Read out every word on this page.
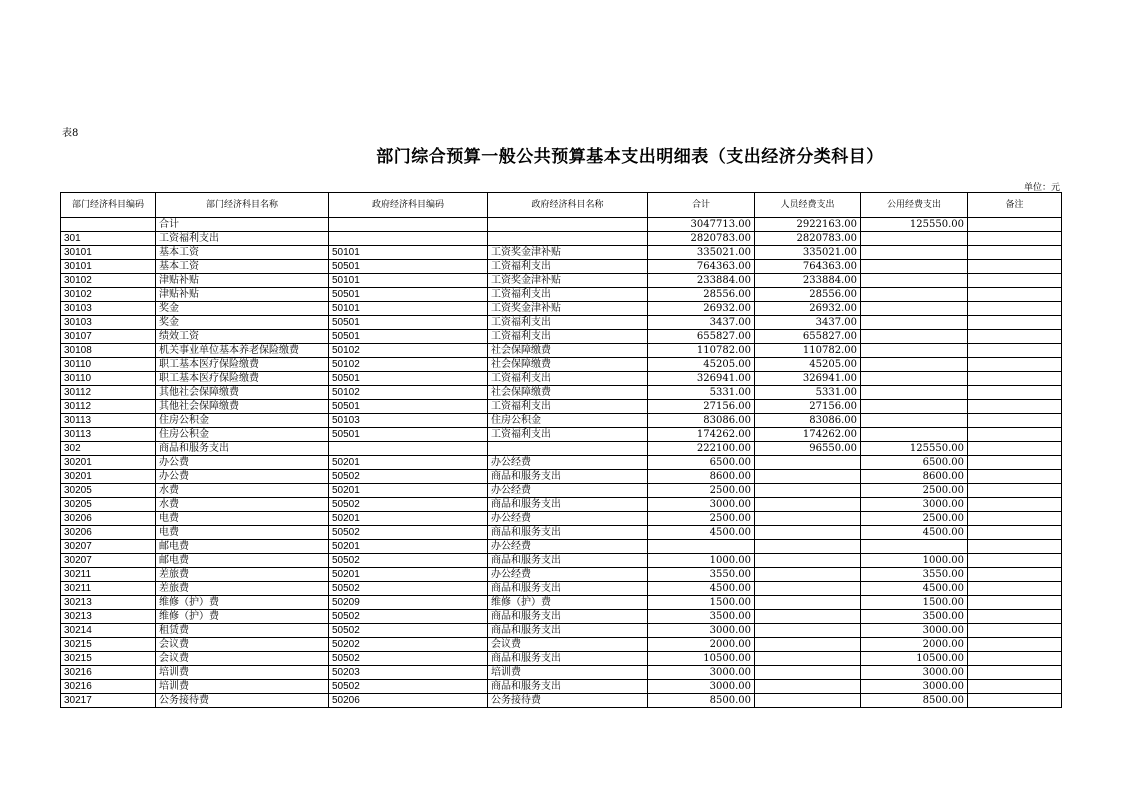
表8
部门综合预算一般公共预算基本支出明细表（支出经济分类科目）
单位：元
部门经济科目编码	部门经济科目名称	政府经济科目编码	政府经济科目名称	合计	人员经费支出	公用经费支出	备注
	合计			3047713.00	2922163.00	125550.00	
301	工资福利支出			2820783.00	2820783.00		
30101	基本工资	50101	工资奖金津补贴	335021.00	335021.00		
30101	基本工资	50501	工资福利支出	764363.00	764363.00		
30102	津贴补贴	50101	工资奖金津补贴	233884.00	233884.00		
30102	津贴补贴	50501	工资福利支出	28556.00	28556.00		
30103	奖金	50101	工资奖金津补贴	26932.00	26932.00		
30103	奖金	50501	工资福利支出	3437.00	3437.00		
30107	绩效工资	50501	工资福利支出	655827.00	655827.00		
30108	机关事业单位基本养老保险缴费	50102	社会保障缴费	110782.00	110782.00		
30110	职工基本医疗保险缴费	50102	社会保障缴费	45205.00	45205.00		
30110	职工基本医疗保险缴费	50501	工资福利支出	326941.00	326941.00		
30112	其他社会保障缴费	50102	社会保障缴费	5331.00	5331.00		
30112	其他社会保障缴费	50501	工资福利支出	27156.00	27156.00		
30113	住房公积金	50103	住房公积金	83086.00	83086.00		
30113	住房公积金	50501	工资福利支出	174262.00	174262.00		
302	商品和服务支出			222100.00	96550.00	125550.00	
30201	办公费	50201	办公经费	6500.00		6500.00	
30201	办公费	50502	商品和服务支出	8600.00		8600.00	
30205	水费	50201	办公经费	2500.00		2500.00	
30205	水费	50502	商品和服务支出	3000.00		3000.00	
30206	电费	50201	办公经费	2500.00		2500.00	
30206	电费	50502	商品和服务支出	4500.00		4500.00	
30207	邮电费	50201	办公经费				
30207	邮电费	50502	商品和服务支出	1000.00		1000.00	
30211	差旅费	50201	办公经费	3550.00		3550.00	
30211	差旅费	50502	商品和服务支出	4500.00		4500.00	
30213	维修（护）费	50209	维修（护）费	1500.00		1500.00	
30213	维修（护）费	50502	商品和服务支出	3500.00		3500.00	
30214	租赁费	50502	商品和服务支出	3000.00		3000.00	
30215	会议费	50202	会议费	2000.00		2000.00	
30215	会议费	50502	商品和服务支出	10500.00		10500.00	
30216	培训费	50203	培训费	3000.00		3000.00	
30216	培训费	50502	商品和服务支出	3000.00		3000.00	
30217	公务接待费	50206	公务接待费	8500.00		8500.00	
